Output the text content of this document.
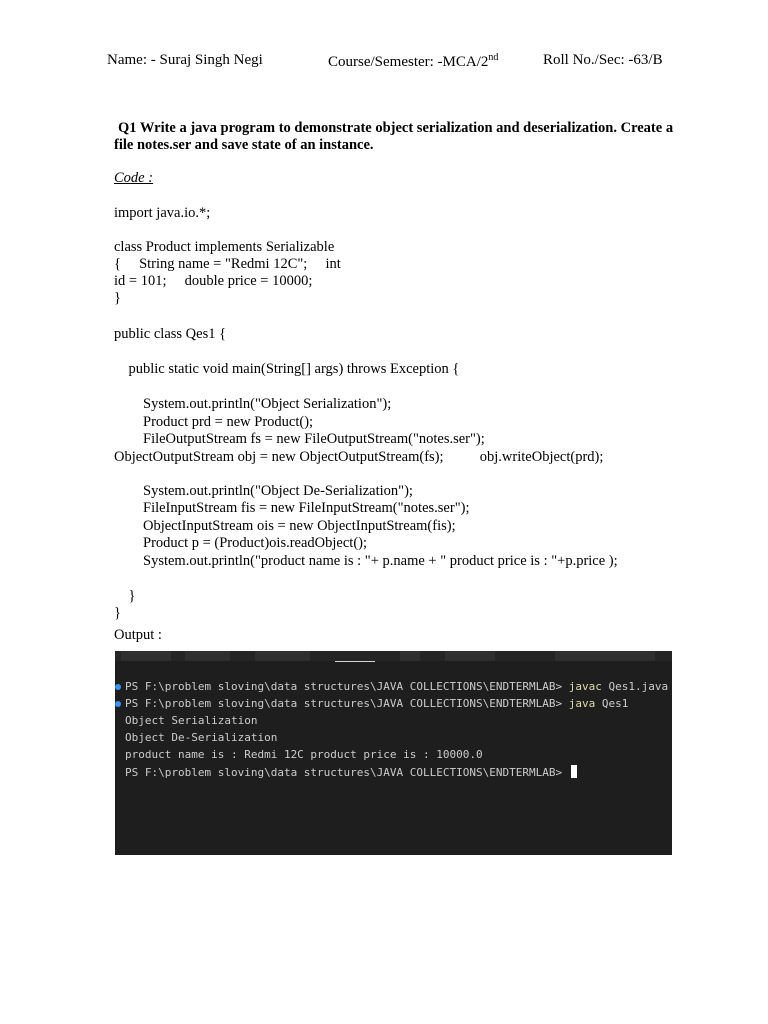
Name: - Suraj Singh Negi	Course/Semester: -MCA/2nd	Roll No./Sec: -63/B
Q1 Write a java program to demonstrate object serialization and deserialization. Create a file notes.ser and save state of an instance.
Code :
import java.io.*;
class Product implements Serializable
{     String name = "Redmi 12C";     int
id = 101;     double price = 10000;
}
public class Qes1 {
public static void main(String[] args) throws Exception {
System.out.println("Object Serialization");
Product prd = new Product();
FileOutputStream fs = new FileOutputStream("notes.ser");
ObjectOutputStream obj = new ObjectOutputStream(fs);          obj.writeObject(prd);
System.out.println("Object De-Serialization");
FileInputStream fis = new FileInputStream("notes.ser");
ObjectInputStream ois = new ObjectInputStream(fis);
Product p = (Product)ois.readObject();
System.out.println("product name is : "+ p.name + " product price is : "+p.price );
}
}
Output :
PS F:\problem sloving\data structures\JAVA COLLECTIONS\ENDTERMLAB> javac Qes1.java
PS F:\problem sloving\data structures\JAVA COLLECTIONS\ENDTERMLAB> java Qes1
Object Serialization
Object De-Serialization
product name is : Redmi 12C product price is : 10000.0
PS F:\problem sloving\data structures\JAVA COLLECTIONS\ENDTERMLAB>
